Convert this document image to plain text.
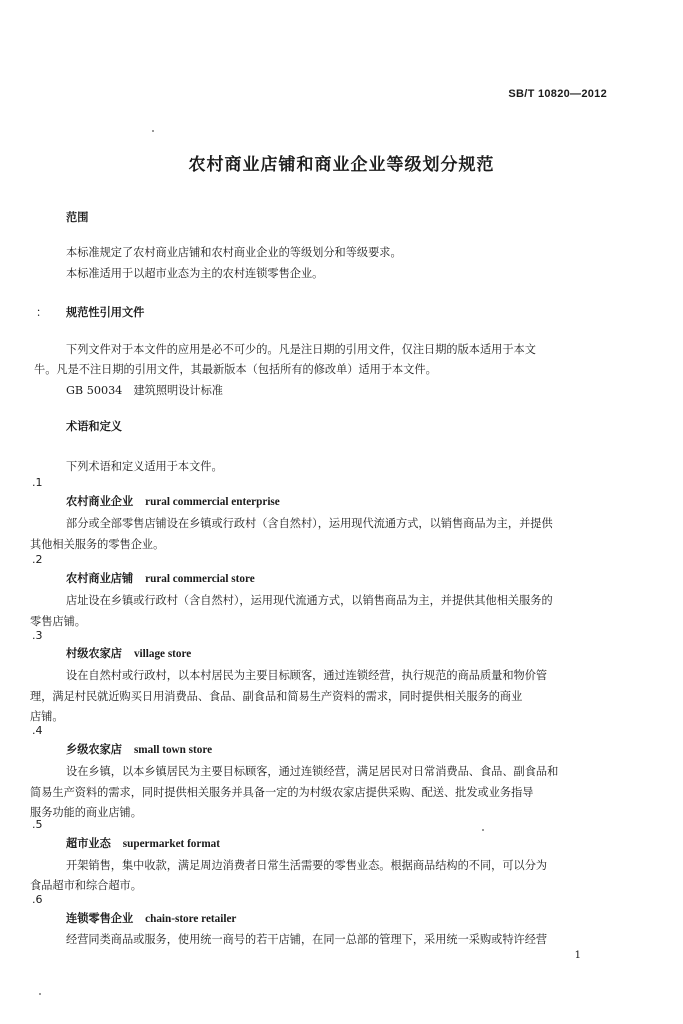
SB/T 10820—2012
农村商业店铺和商业企业等级划分规范
范围
本标准规定了农村商业店铺和农村商业企业的等级划分和等级要求。
本标准适用于以超市业态为主的农村连锁零售企业。
： 规范性引用文件
下列文件对于本文件的应用是必不可少的。凡是注日期的引用文件，仅注日期的版本适用于本文
牛。凡是不注日期的引用文件，其最新版本（包括所有的修改单）适用于本文件。
GB 50034　建筑照明设计标准
术语和定义
下列术语和定义适用于本文件。
.1
农村商业企业 rural commercial enterprise
部分或全部零售店铺设在乡镇或行政村（含自然村），运用现代流通方式，以销售商品为主，并提供
其他相关服务的零售企业。
.2
农村商业店铺 rural commercial store
店址设在乡镇或行政村（含自然村），运用现代流通方式，以销售商品为主，并提供其他相关服务的
零售店铺。
.3
村级农家店 village store
设在自然村或行政村，以本村居民为主要目标顾客，通过连锁经营，执行规范的商品质量和物价管
理，满足村民就近购买日用消费品、食品、副食品和简易生产资料的需求，同时提供相关服务的商业
店铺。
.4
乡级农家店 small town store
设在乡镇，以本乡镇居民为主要目标顾客，通过连锁经营，满足居民对日常消费品、食品、副食品和
简易生产资料的需求，同时提供相关服务并具备一定的为村级农家店提供采购、配送、批发或业务指导
服务功能的商业店铺。
.5
超市业态 supermarket format
开架销售，集中收款，满足周边消费者日常生活需要的零售业态。根据商品结构的不同，可以分为
食品超市和综合超市。
.6
连锁零售企业 chain-store retailer
经营同类商品或服务，使用统一商号的若干店铺，在同一总部的管理下，采用统一采购或特许经营
1
